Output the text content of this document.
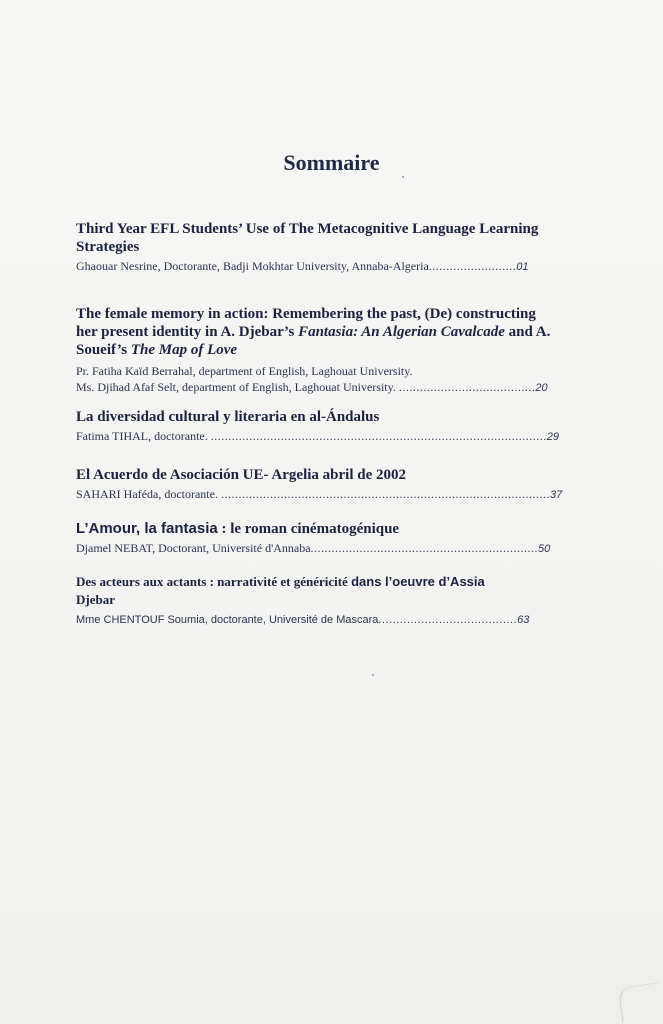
Sommaire
Third Year EFL Students’ Use of The Metacognitive Language Learning Strategies
Ghaouar Nesrine, Doctorante, Badji Mokhtar University, Annaba-Algeria.........................01
The female memory in action: Remembering the past, (De) constructing her present identity in A. Djebar’s Fantasia: An Algerian Cavalcade and A. Soueif’s The Map of Love
Pr. Fatiha Kaïd Berrahal, department of English, Laghouat University.
Ms. Djihad Afaf Selt, department of English, Laghouat University. .......................................20
La diversidad cultural y literaria en al-Ándalus
Fatima TIHAL, doctorante. ................................................................................................29
El Acuerdo de Asociación UE- Argelia abril de 2002
SAHARI Haféda, doctorante. ..............................................................................................37
L’Amour, la fantasia : le roman cinématogénique
Djamel NEBAT, Doctorant, Université d'Annaba.................................................................50
Des acteurs aux actants : narrativité et généricité dans l’oeuvre d’Assia
Djebar
Mme CHENTOUF Soumia, doctorante, Université de Mascara.......................................63
